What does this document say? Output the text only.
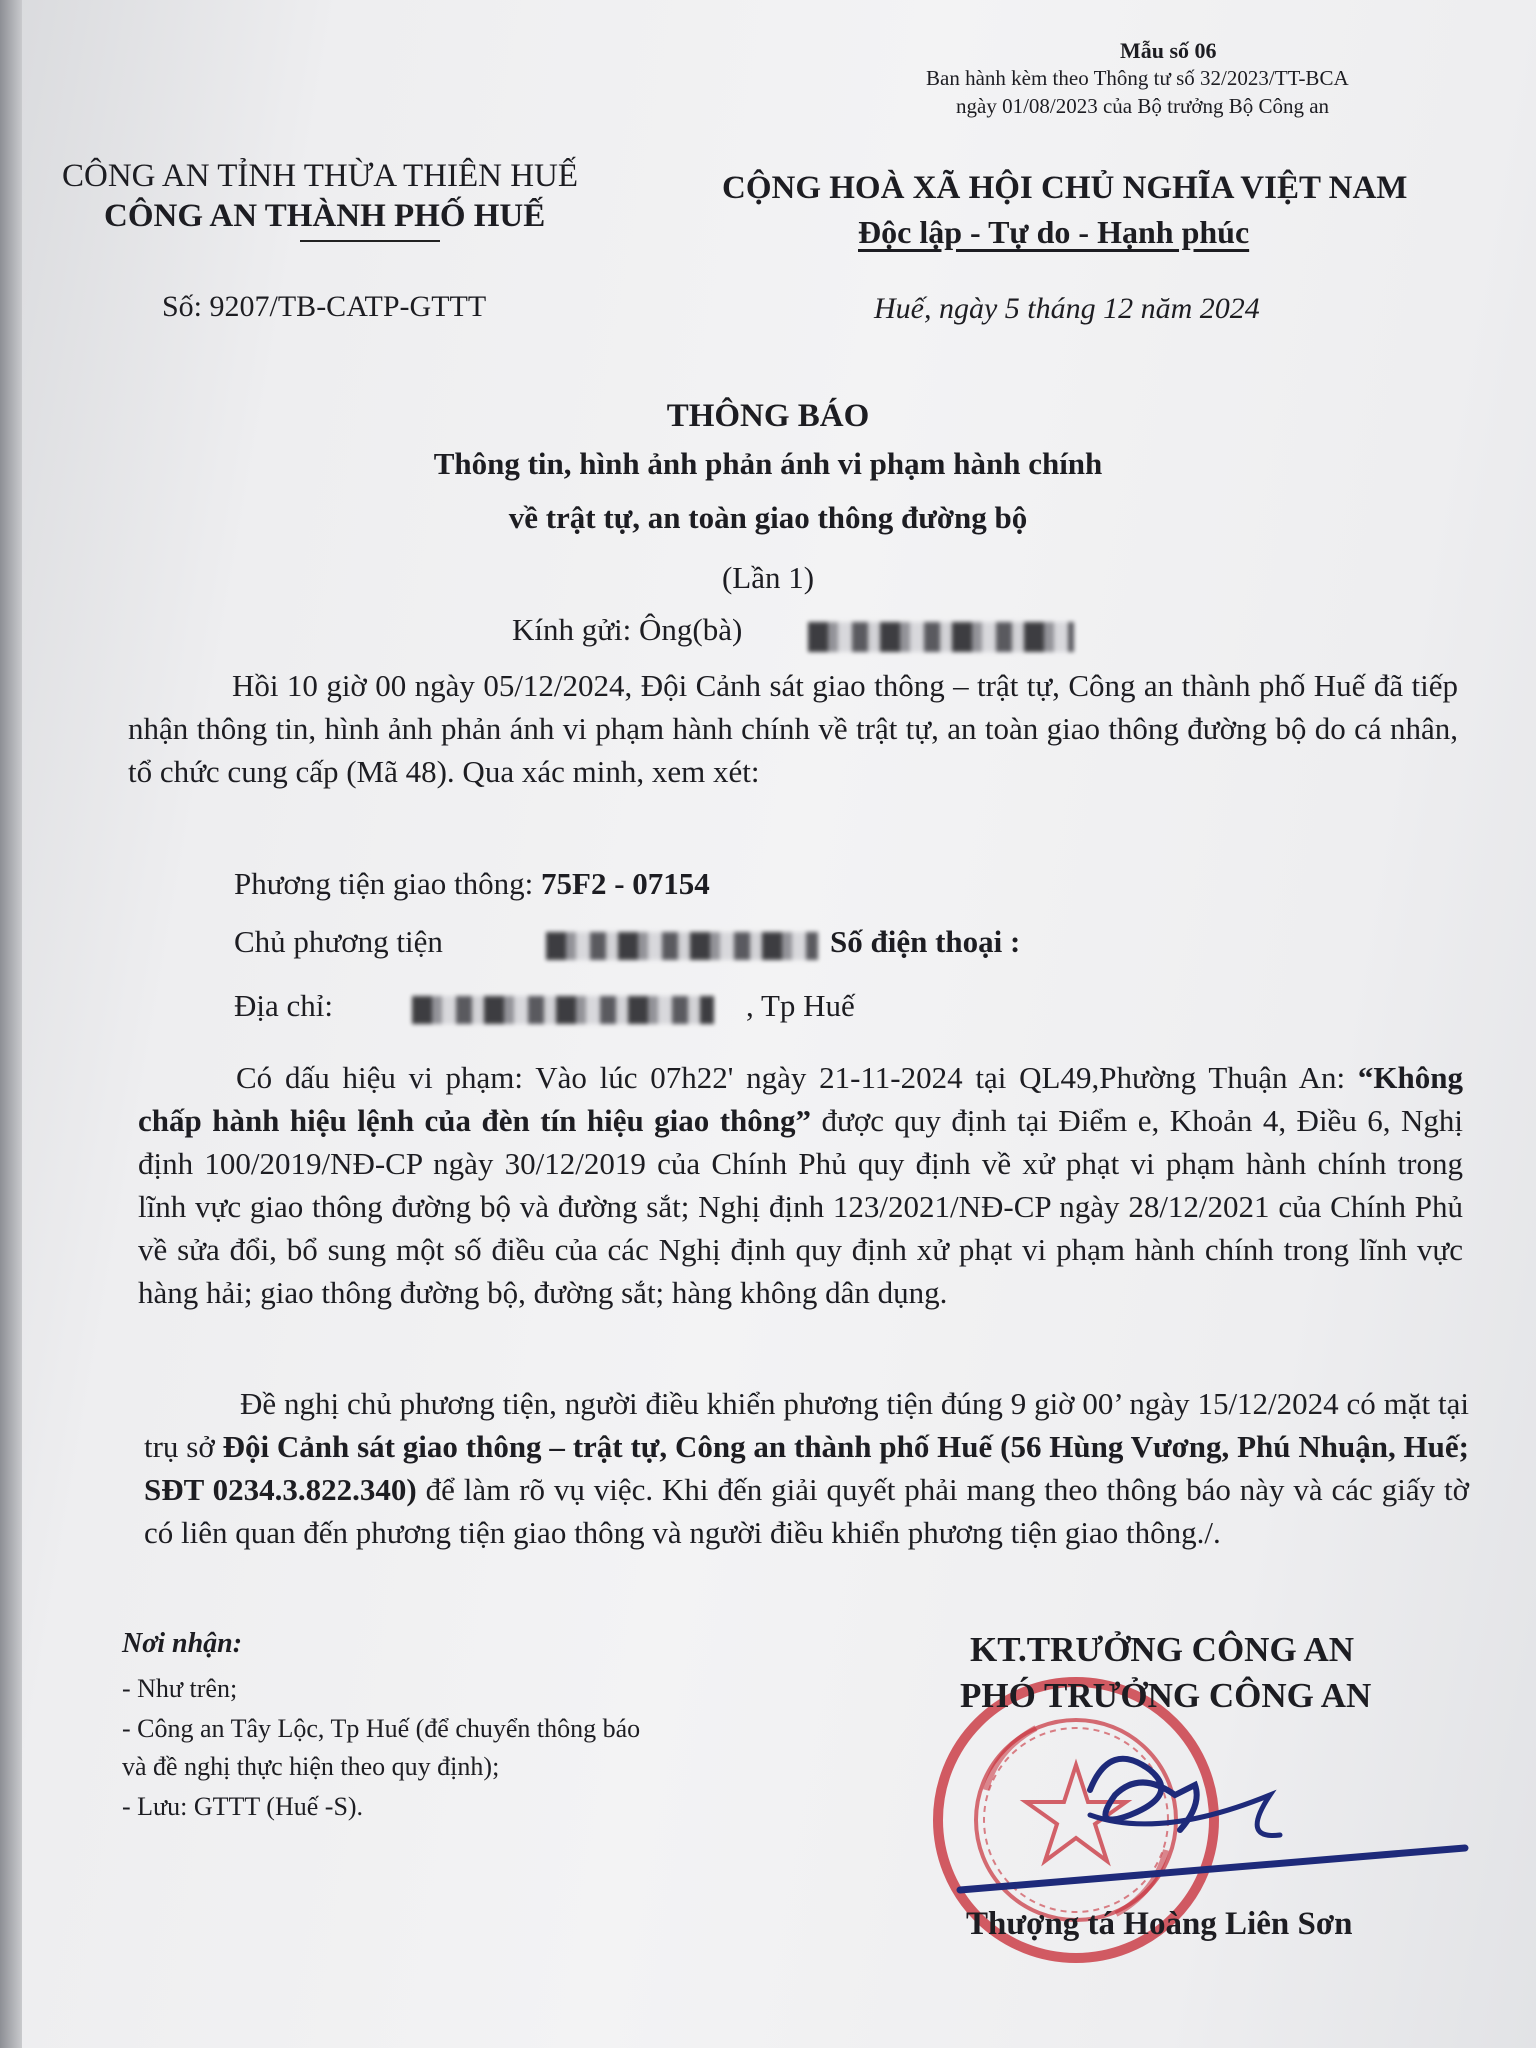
Mẫu số 06
Ban hành kèm theo Thông tư số 32/2023/TT-BCA
ngày 01/08/2023 của Bộ trưởng Bộ Công an
CÔNG AN TỈNH THỪA THIÊN HUẾ
CÔNG AN THÀNH PHỐ HUẾ
CỘNG HOÀ XÃ HỘI CHỦ NGHĨA VIỆT NAM
Độc lập - Tự do - Hạnh phúc
Số: 9207/TB-CATP-GTTT	Huế, ngày 5 tháng 12 năm 2024
THÔNG BÁO
Thông tin, hình ảnh phản ánh vi phạm hành chính
về trật tự, an toàn giao thông đường bộ
(Lần 1)
Kính gửi: Ông(bà)
Hồi 10 giờ 00 ngày 05/12/2024, Đội Cảnh sát giao thông – trật tự, Công an thành phố Huế đã tiếp nhận thông tin, hình ảnh phản ánh vi phạm hành chính về trật tự, an toàn giao thông đường bộ do cá nhân, tổ chức cung cấp (Mã 48). Qua xác minh, xem xét:
Phương tiện giao thông: 75F2 - 07154
Chủ phương tiện	Số điện thoại :
Địa chỉ:	, Tp Huế
Có dấu hiệu vi phạm: Vào lúc 07h22' ngày 21-11-2024 tại QL49,Phường Thuận An: “Không chấp hành hiệu lệnh của đèn tín hiệu giao thông” được quy định tại Điểm e, Khoản 4, Điều 6, Nghị định 100/2019/NĐ-CP ngày 30/12/2019 của Chính Phủ quy định về xử phạt vi phạm hành chính trong lĩnh vực giao thông đường bộ và đường sắt; Nghị định 123/2021/NĐ-CP ngày 28/12/2021 của Chính Phủ về sửa đổi, bổ sung một số điều của các Nghị định quy định xử phạt vi phạm hành chính trong lĩnh vực hàng hải; giao thông đường bộ, đường sắt; hàng không dân dụng.
Đề nghị chủ phương tiện, người điều khiển phương tiện đúng 9 giờ 00’ ngày 15/12/2024 có mặt tại trụ sở Đội Cảnh sát giao thông – trật tự, Công an thành phố Huế (56 Hùng Vương, Phú Nhuận, Huế; SĐT 0234.3.822.340) để làm rõ vụ việc. Khi đến giải quyết phải mang theo thông báo này và các giấy tờ có liên quan đến phương tiện giao thông và người điều khiển phương tiện giao thông./.
Nơi nhận:
- Như trên;
- Công an Tây Lộc, Tp Huế (để chuyển thông báo
và đề nghị thực hiện theo quy định);
- Lưu: GTTT (Huế -S).
KT.TRƯỞNG CÔNG AN
PHÓ TRƯỞNG CÔNG AN
Thượng tá Hoàng Liên Sơn
